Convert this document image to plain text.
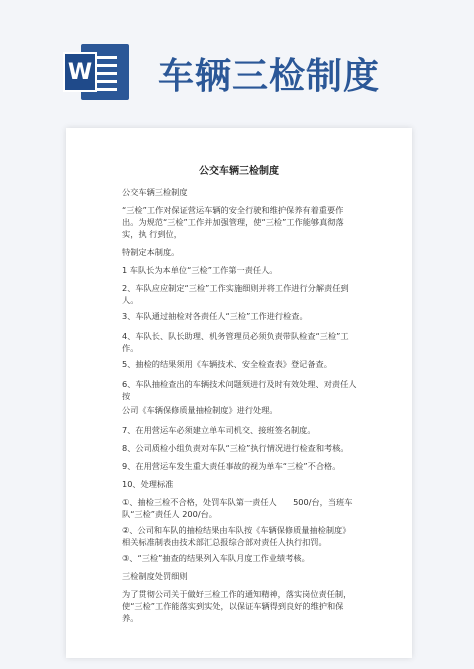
W 车辆三检制度
公交车辆三检制度
公交车辆三检制度
“三检”工作对保证营运车辆的安全行驶和维护保养有着重要作出。为规范“三检”工作并加强管理，使“三检”工作能够真彻落实，执 行到位，
特制定本制度。
1 车队长为本单位“三检”工作第一责任人。
2、车队应应制定“三检”工作实施细则并将工作进行分解责任到人。
3、车队通过抽检对各责任人“三检”工作进行检查。
4、车队长、队长助理、机务管理员必须负责带队检查“三检”工作。
5、抽检的结果须用《车辆技术、安全检查表》登记备查。
6、车队抽检查出的车辆技术问题须进行及时有效处理、对责任人按
公司《车辆保修质量抽检制度》进行处理。
7、在用营运车必须建立单车司机交、接班签名制度。
8、公司质检小组负责对车队“三检”执行情况进行检查和考核。
9、在用营运车发生重大责任事故的视为单车“三检”不合格。
10、处理标准
①、抽检三检不合格，处罚车队第一责任人　　500/台，当班车队“三检”责任人 200/台。
②、公司和车队的抽检结果由车队按《车辆保修质量抽检制度》相关标准制表由技术部汇总报综合部对责任人执行扣罚。
③、“三检”抽查的结果列入车队月度工作业绩考核。
三检制度处罚细则
为了贯彻公司关于做好三检工作的通知精神，落实岗位责任制，使“三检”工作能落实到实处，以保证车辆得到良好的维护和保养。
